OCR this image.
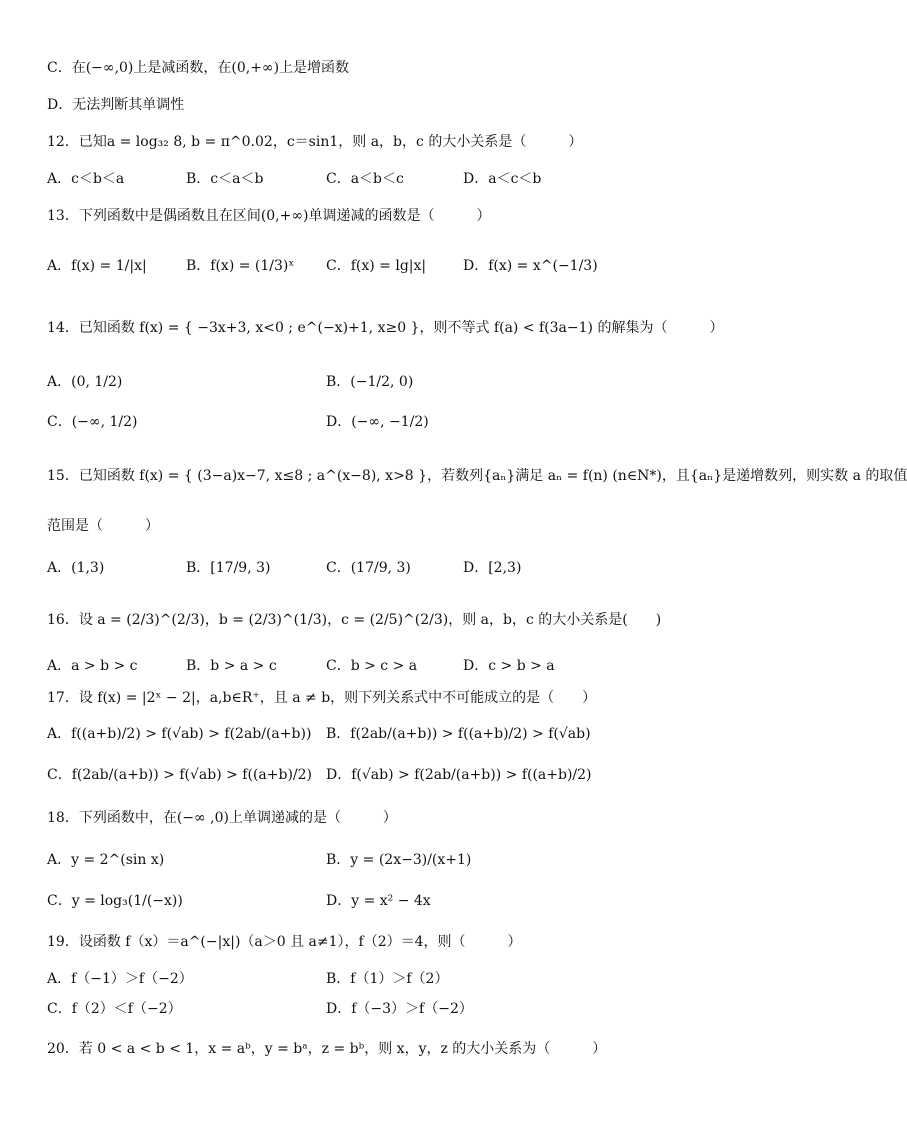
C．在(−∞,0)上是减函数，在(0,+∞)上是增函数
D．无法判断其单调性
12．已知a = log₃₂ 8, b = π^0.02，c＝sin1，则 a，b，c 的大小关系是（　　　）
13．下列函数中是偶函数且在区间(0,+∞)单调递减的函数是（　　　）
14．已知函数 f(x) = { −3x+3, x<0 ; e^(−x)+1, x≥0 }，则不等式 f(a) < f(3a−1) 的解集为（　　　）
15．已知函数 f(x) = { (3−a)x−7, x≤8 ; a^(x−8), x>8 }，若数列{aₙ}满足 aₙ = f(n) (n∈N*)，且{aₙ}是递增数列，则实数 a 的取值
范围是（　　　）
16．设 a = (2/3)^(2/3)，b = (2/3)^(1/3)，c = (2/5)^(2/3)，则 a，b，c 的大小关系是(　　)
17．设 f(x) = |2ˣ − 2|，a,b∈R⁺，且 a ≠ b，则下列关系式中不可能成立的是（　　）
18．下列函数中，在(−∞ ,0)上单调递减的是（　　　）
19．设函数 f（x）＝a^(−|x|)（a＞0 且 a≠1），f（2）＝4，则（　　　）
20．若 0 < a < b < 1，x = aᵇ，y = bᵃ，z = bᵇ，则 x，y，z 的大小关系为（　　　）
A．c＜b＜a	B．c＜a＜b	C．a＜b＜c	D．a＜c＜b
A．f(x) = 1/|x|	B．f(x) = (1/3)ˣ C．f(x) = lg|x|	D．f(x) = x^(−1/3)
A．(0, 1/2)	B．(−1/2, 0)
C．(−∞, 1/2)	D．(−∞, −1/2)
A．(1,3)	B．[17/9, 3)	C．(17/9, 3)	D．[2,3)
A．a > b > c	B．b > a > c	C．b > c > a	D．c > b > a
A．f((a+b)/2) > f(√ab) > f(2ab/(a+b)) B．f(2ab/(a+b)) > f((a+b)/2) > f(√ab)
C．f(2ab/(a+b)) > f(√ab) > f((a+b)/2) D．f(√ab) > f(2ab/(a+b)) > f((a+b)/2)
A．y = 2^(sin x)	B．y = (2x−3)/(x+1)
C．y = log₃(1/(−x))	D．y = x² − 4x
A．f（−1）＞f（−2）	B．f（1）＞f（2）
C．f（2）＜f（−2）	D．f（−3）＞f（−2）
